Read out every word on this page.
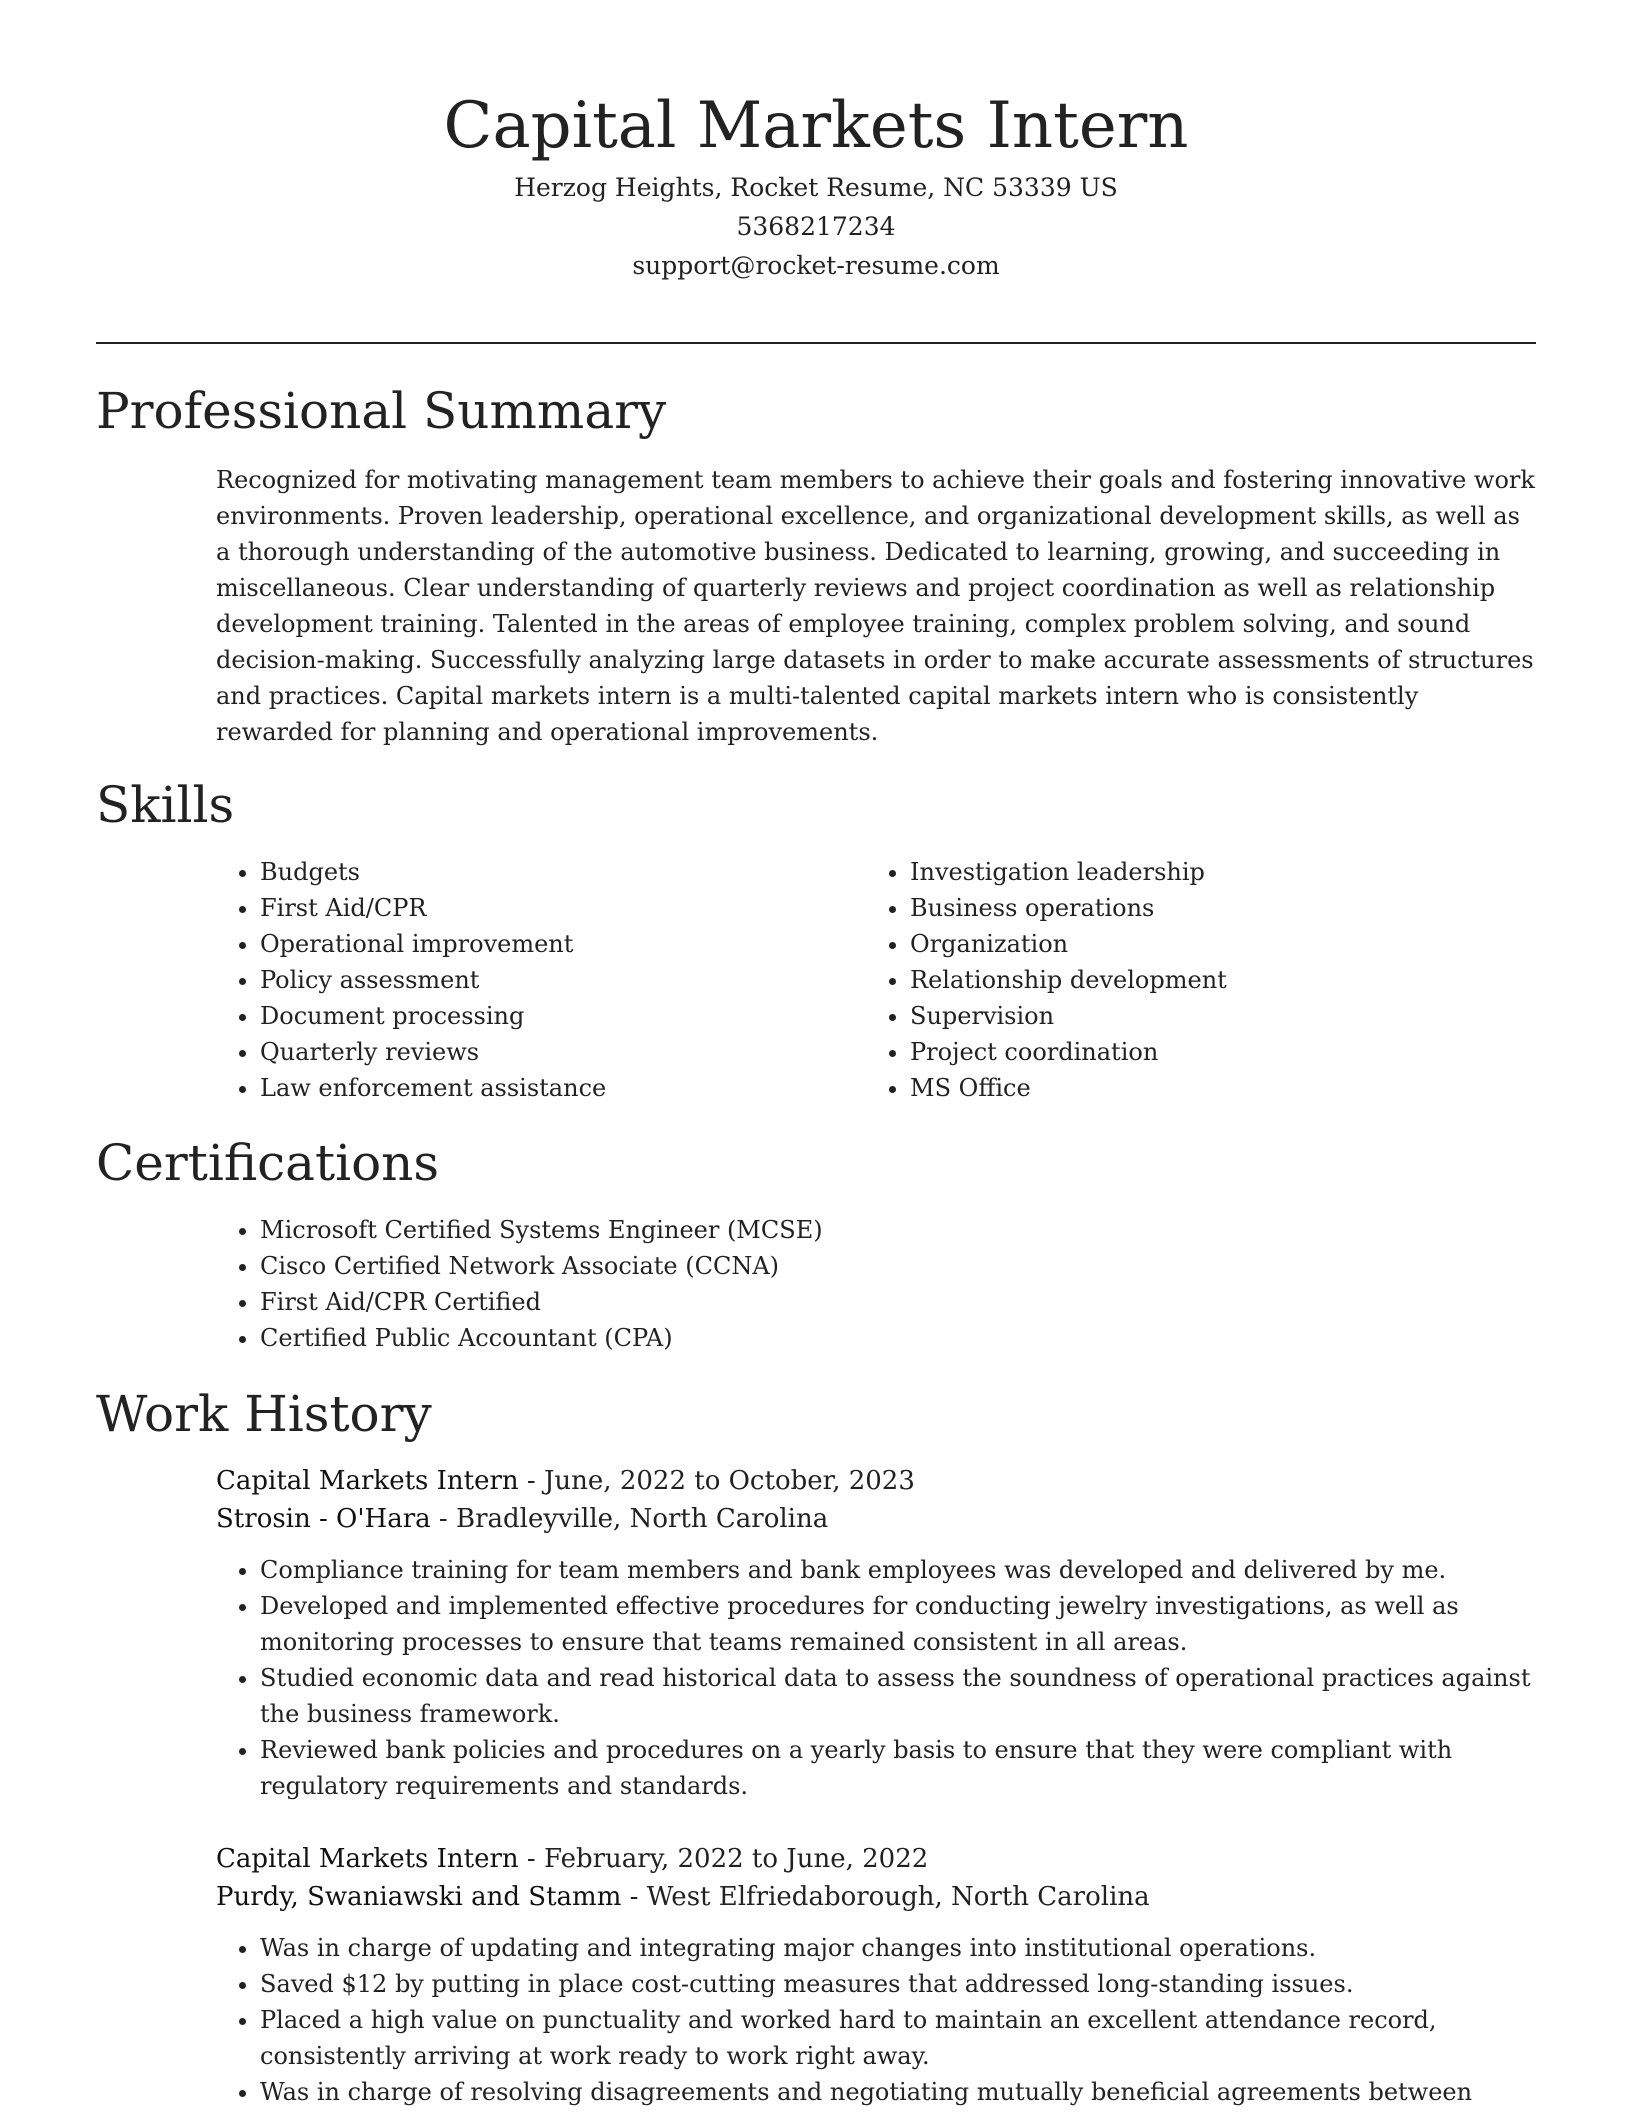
Capital Markets Intern

Herzog Heights, Rocket Resume, NC 53339 US

5368217234

support@rocket-resume.com

Professional Summary

Recognized for motivating management team members to achieve their goals and fostering innovative work environments. Proven leadership, operational excellence, and organizational development skills, as well as a thorough understanding of the automotive business. Dedicated to learning, growing, and succeeding in miscellaneous. Clear understanding of quarterly reviews and project coordination as well as relationship development training. Talented in the areas of employee training, complex problem solving, and sound decision-making. Successfully analyzing large datasets in order to make accurate assessments of structures and practices. Capital markets intern is a multi-talented capital markets intern who is consistently rewarded for planning and operational improvements.

Skills
• Budgets
• First Aid/CPR
• Operational improvement
• Policy assessment
• Document processing
• Quarterly reviews
• Law enforcement assistance
• Investigation leadership
• Business operations
• Organization
• Relationship development
• Supervision
• Project coordination
• MS Office
Certifications
• Microsoft Certified Systems Engineer (MCSE)
• Cisco Certified Network Associate (CCNA)
• First Aid/CPR Certified
• Certified Public Accountant (CPA)
Work History

Capital Markets Intern - June, 2022 to October, 2023

Strosin - O'Hara - Bradleyville, North Carolina

• Compliance training for team members and bank employees was developed and delivered by me.
• Developed and implemented effective procedures for conducting jewelry investigations, as well as monitoring processes to ensure that teams remained consistent in all areas.
• Studied economic data and read historical data to assess the soundness of operational practices against the business framework.
• Reviewed bank policies and procedures on a yearly basis to ensure that they were compliant with regulatory requirements and standards.

Capital Markets Intern - February, 2022 to June, 2022

Purdy, Swaniawski and Stamm - West Elfriedaborough, North Carolina

• Was in charge of updating and integrating major changes into institutional operations.
• Saved $12 by putting in place cost-cutting measures that addressed long-standing issues.
• Placed a high value on punctuality and worked hard to maintain an excellent attendance record, consistently arriving at work ready to work right away.
• Was in charge of resolving disagreements and negotiating mutually beneficial agreements between
